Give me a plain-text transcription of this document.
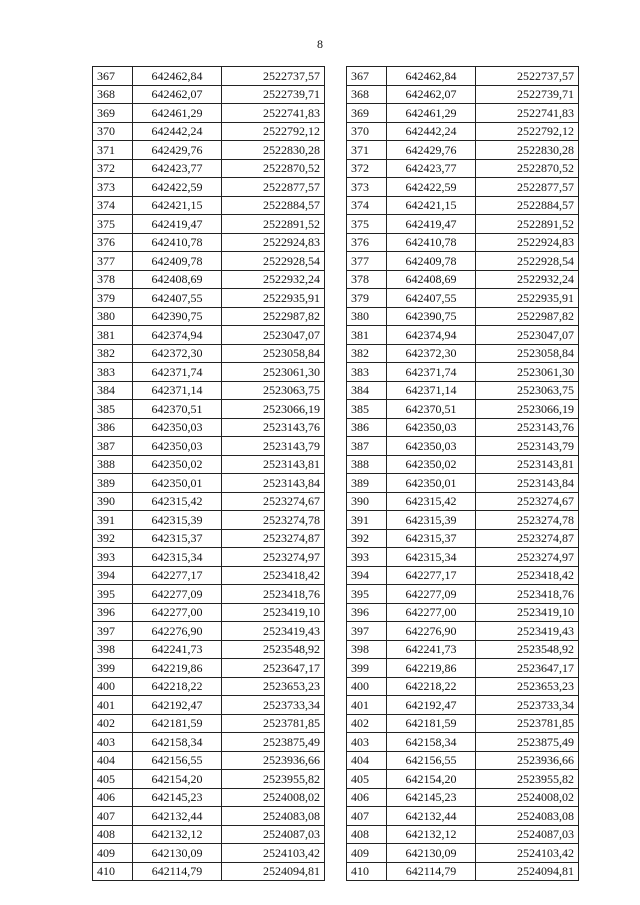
8
367	642462,84	2522737,57
368	642462,07	2522739,71
369	642461,29	2522741,83
370	642442,24	2522792,12
371	642429,76	2522830,28
372	642423,77	2522870,52
373	642422,59	2522877,57
374	642421,15	2522884,57
375	642419,47	2522891,52
376	642410,78	2522924,83
377	642409,78	2522928,54
378	642408,69	2522932,24
379	642407,55	2522935,91
380	642390,75	2522987,82
381	642374,94	2523047,07
382	642372,30	2523058,84
383	642371,74	2523061,30
384	642371,14	2523063,75
385	642370,51	2523066,19
386	642350,03	2523143,76
387	642350,03	2523143,79
388	642350,02	2523143,81
389	642350,01	2523143,84
390	642315,42	2523274,67
391	642315,39	2523274,78
392	642315,37	2523274,87
393	642315,34	2523274,97
394	642277,17	2523418,42
395	642277,09	2523418,76
396	642277,00	2523419,10
397	642276,90	2523419,43
398	642241,73	2523548,92
399	642219,86	2523647,17
400	642218,22	2523653,23
401	642192,47	2523733,34
402	642181,59	2523781,85
403	642158,34	2523875,49
404	642156,55	2523936,66
405	642154,20	2523955,82
406	642145,23	2524008,02
407	642132,44	2524083,08
408	642132,12	2524087,03
409	642130,09	2524103,42
410	642114,79	2524094,81
367	642462,84	2522737,57
368	642462,07	2522739,71
369	642461,29	2522741,83
370	642442,24	2522792,12
371	642429,76	2522830,28
372	642423,77	2522870,52
373	642422,59	2522877,57
374	642421,15	2522884,57
375	642419,47	2522891,52
376	642410,78	2522924,83
377	642409,78	2522928,54
378	642408,69	2522932,24
379	642407,55	2522935,91
380	642390,75	2522987,82
381	642374,94	2523047,07
382	642372,30	2523058,84
383	642371,74	2523061,30
384	642371,14	2523063,75
385	642370,51	2523066,19
386	642350,03	2523143,76
387	642350,03	2523143,79
388	642350,02	2523143,81
389	642350,01	2523143,84
390	642315,42	2523274,67
391	642315,39	2523274,78
392	642315,37	2523274,87
393	642315,34	2523274,97
394	642277,17	2523418,42
395	642277,09	2523418,76
396	642277,00	2523419,10
397	642276,90	2523419,43
398	642241,73	2523548,92
399	642219,86	2523647,17
400	642218,22	2523653,23
401	642192,47	2523733,34
402	642181,59	2523781,85
403	642158,34	2523875,49
404	642156,55	2523936,66
405	642154,20	2523955,82
406	642145,23	2524008,02
407	642132,44	2524083,08
408	642132,12	2524087,03
409	642130,09	2524103,42
410	642114,79	2524094,81
